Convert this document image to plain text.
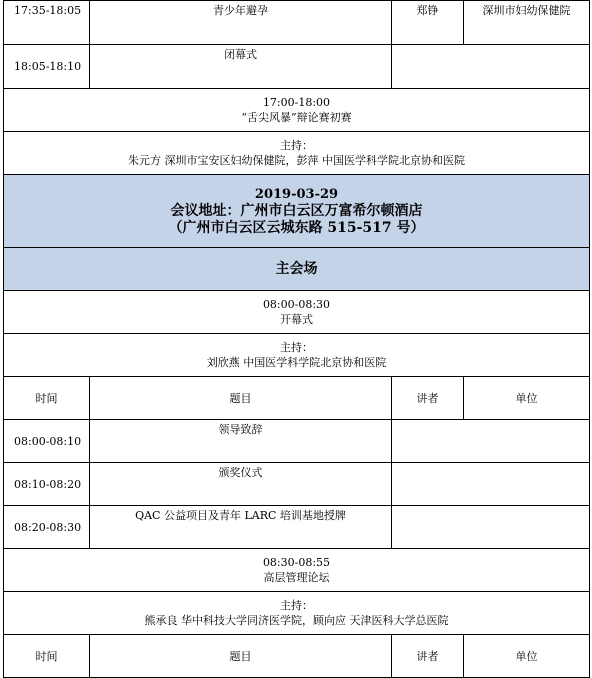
17:35-18:05	青少年避孕	郑铮	深圳市妇幼保健院
18:05-18:10	闭幕式		

17:00-18:00
“舌尖风暴”辩论赛初赛			

主持：
朱元方 深圳市宝安区妇幼保健院，彭萍 中国医学科学院北京协和医院			

2019-03-29
会议地址：广州市白云区万富希尔顿酒店
（广州市白云区云城东路 515-517 号）			

主会场			

08:00-08:30
开幕式			

主持：
刘欣燕 中国医学科学院北京协和医院			

时间	题目	讲者	单位
08:00-08:10	领导致辞		
08:10-08:20	颁奖仪式		
08:20-08:30	QAC 公益项目及青年 LARC 培训基地授牌		

08:30-08:55
高层管理论坛			

主持：
熊承良 华中科技大学同济医学院，顾向应 天津医科大学总医院			

时间	题目	讲者	单位
